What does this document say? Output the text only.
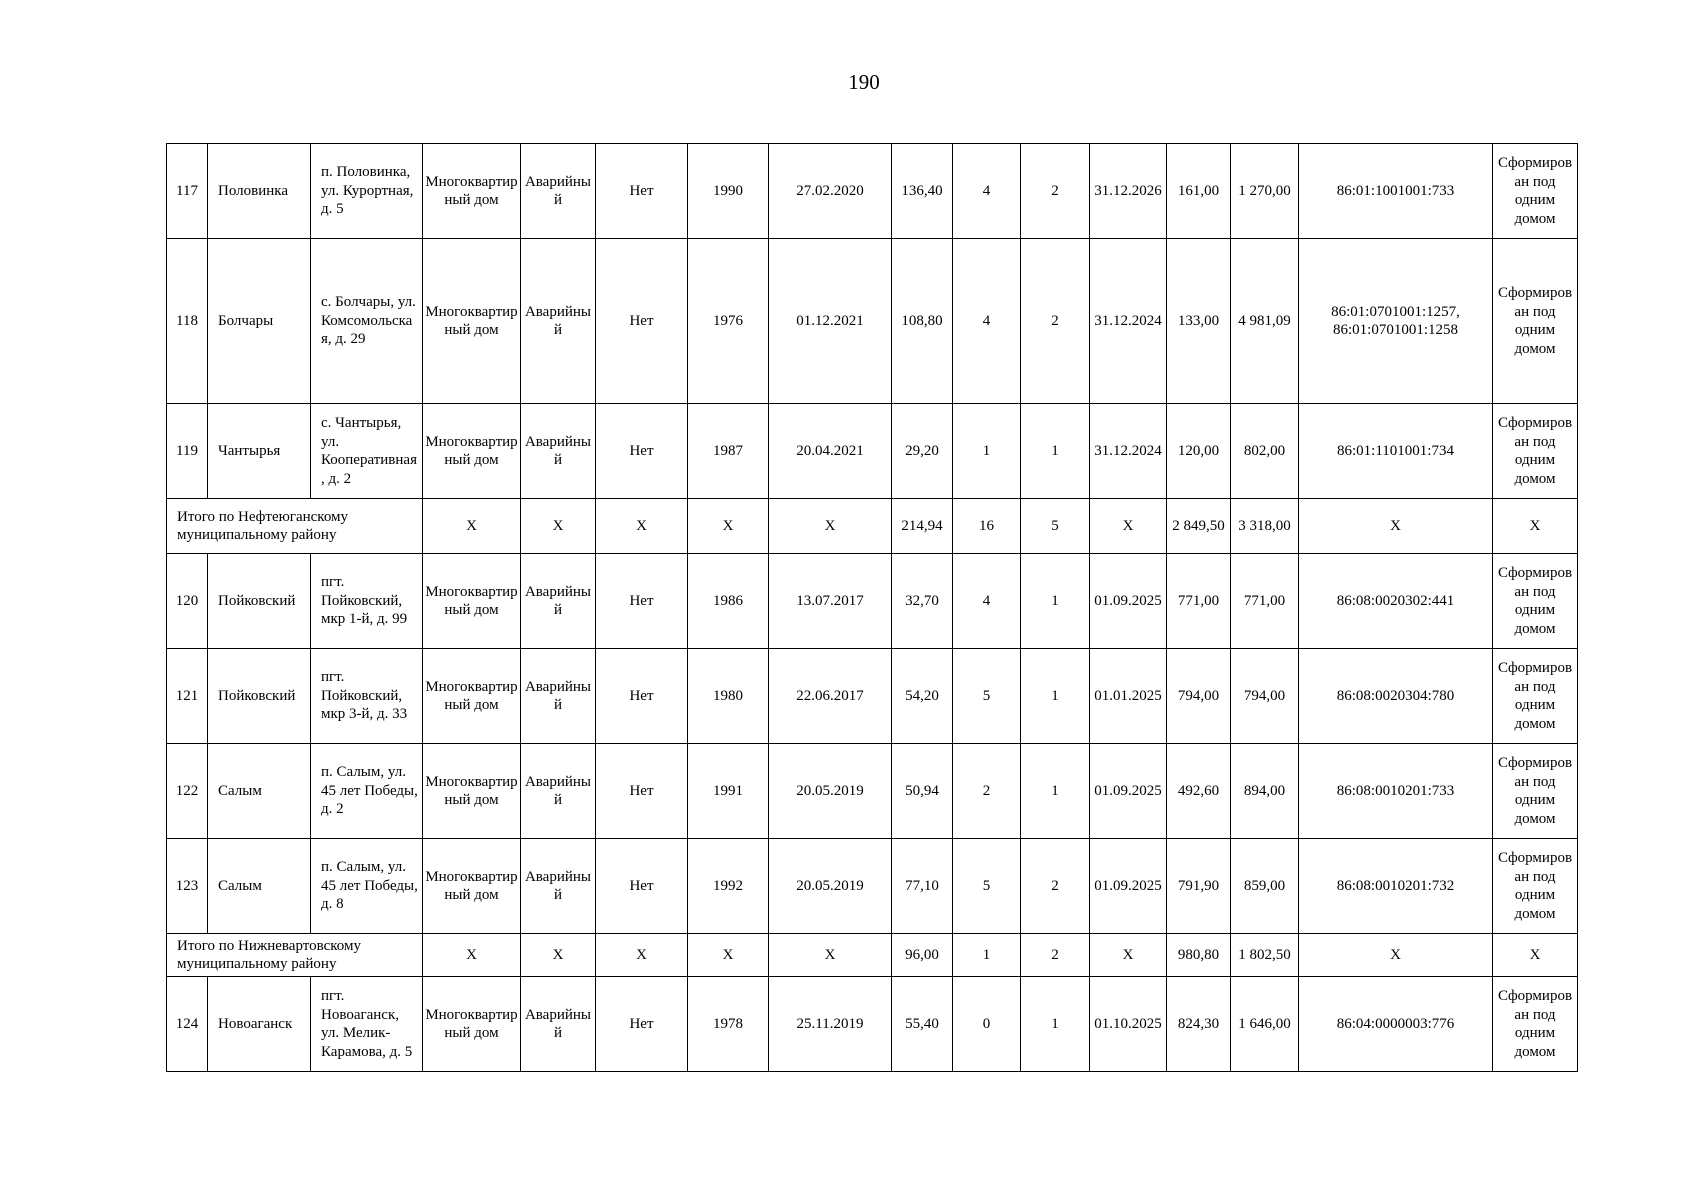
190
117	Половинка	п. Половинка, ул. Курортная, д. 5	Многоквартирный дом	Аварийный	Нет	1990	27.02.2020	136,40	4	2	31.12.2026	161,00	1 270,00	86:01:1001001:733	Сформирован под одним домом
118	Болчары	с. Болчары, ул. Комсомольская, д. 29	Многоквартирный дом	Аварийный	Нет	1976	01.12.2021	108,80	4	2	31.12.2024	133,00	4 981,09	86:01:0701001:1257, 86:01:0701001:1258	Сформирован под одним домом
119	Чантырья	с. Чантырья, ул. Кооперативная, д. 2	Многоквартирный дом	Аварийный	Нет	1987	20.04.2021	29,20	1	1	31.12.2024	120,00	802,00	86:01:1101001:734	Сформирован под одним домом
Итого по Нефтеюганскому муниципальному району			X	X	X	X	X	214,94	16	5	X	2 849,50	3 318,00	X	X
120	Пойковский	пгт. Пойковский, мкр 1-й, д. 99	Многоквартирный дом	Аварийный	Нет	1986	13.07.2017	32,70	4	1	01.09.2025	771,00	771,00	86:08:0020302:441	Сформирован под одним домом
121	Пойковский	пгт. Пойковский, мкр 3-й, д. 33	Многоквартирный дом	Аварийный	Нет	1980	22.06.2017	54,20	5	1	01.01.2025	794,00	794,00	86:08:0020304:780	Сформирован под одним домом
122	Салым	п. Салым, ул. 45 лет Победы, д. 2	Многоквартирный дом	Аварийный	Нет	1991	20.05.2019	50,94	2	1	01.09.2025	492,60	894,00	86:08:0010201:733	Сформирован под одним домом
123	Салым	п. Салым, ул. 45 лет Победы, д. 8	Многоквартирный дом	Аварийный	Нет	1992	20.05.2019	77,10	5	2	01.09.2025	791,90	859,00	86:08:0010201:732	Сформирован под одним домом
Итого по Нижневартовскому муниципальному району			X	X	X	X	X	96,00	1	2	X	980,80	1 802,50	X	X
124	Новоаганск	пгт. Новоаганск, ул. Мелик-Карамова, д. 5	Многоквартирный дом	Аварийный	Нет	1978	25.11.2019	55,40	0	1	01.10.2025	824,30	1 646,00	86:04:0000003:776	Сформирован под одним домом
